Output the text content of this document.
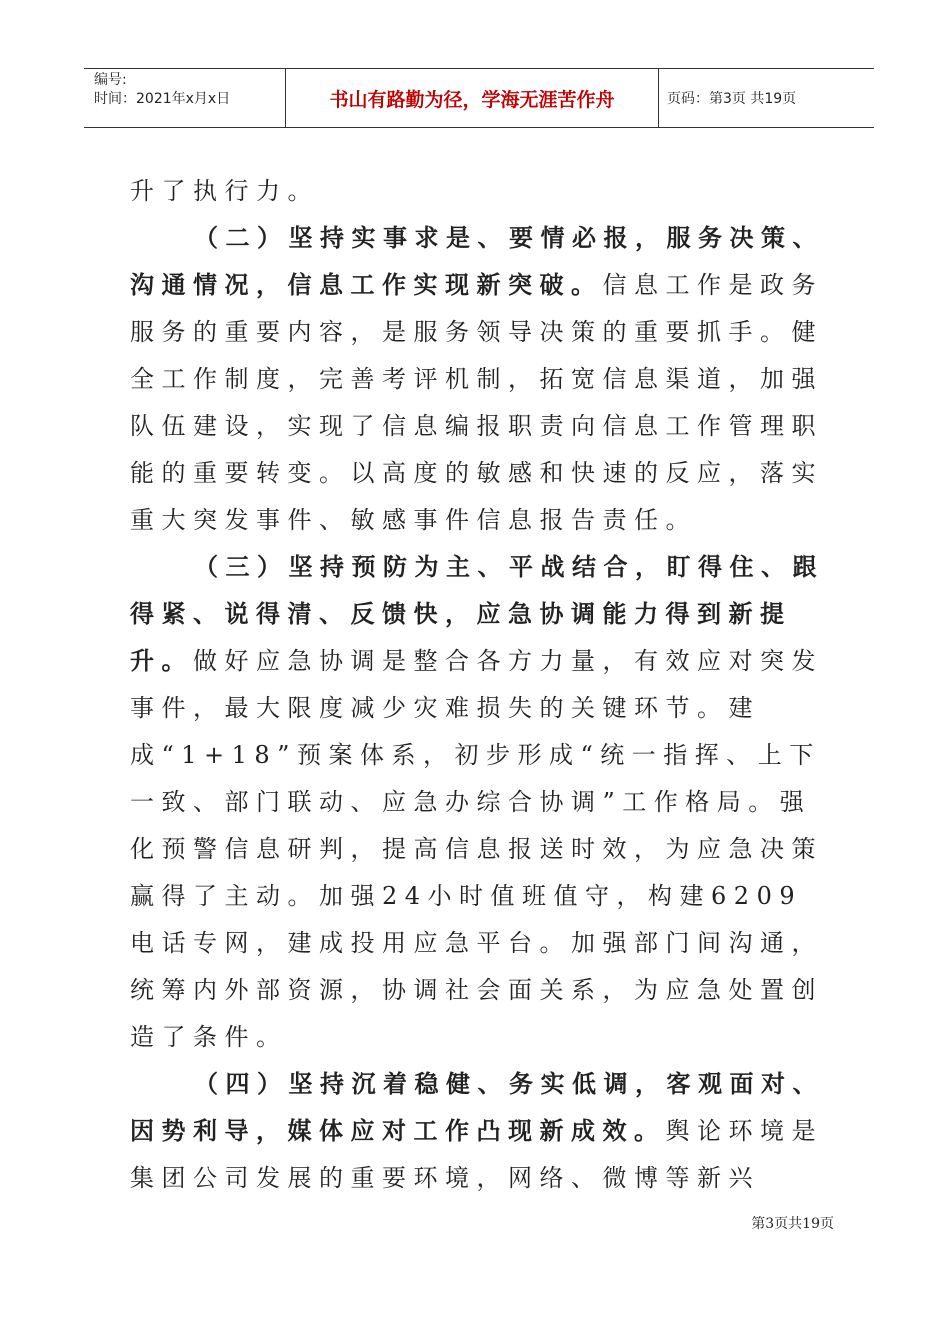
编号:
时间：2021年x月x日	书山有路勤为径，学海无涯苦作舟	页码：第3页 共19页

升了执行力。

（二）坚持实事求是、要情必报，服务决策、沟通情况，信息工作实现新突破。信息工作是政务服务的重要内容，是服务领导决策的重要抓手。健全工作制度，完善考评机制，拓宽信息渠道，加强队伍建设，实现了信息编报职责向信息工作管理职能的重要转变。以高度的敏感和快速的反应，落实重大突发事件、敏感事件信息报告责任。

（三）坚持预防为主、平战结合，盯得住、跟得紧、说得清、反馈快，应急协调能力得到新提升。做好应急协调是整合各方力量，有效应对突发事件，最大限度减少灾难损失的关键环节。建成“1+18”预案体系，初步形成“统一指挥、上下一致、部门联动、应急办综合协调”工作格局。强化预警信息研判，提高信息报送时效，为应急决策赢得了主动。加强24小时值班值守，构建6209电话专网，建成投用应急平台。加强部门间沟通，统筹内外部资源，协调社会面关系，为应急处置创造了条件。

（四）坚持沉着稳健、务实低调，客观面对、因势利导，媒体应对工作凸现新成效。舆论环境是集团公司发展的重要环境，网络、微博等新兴

第3页共19页
